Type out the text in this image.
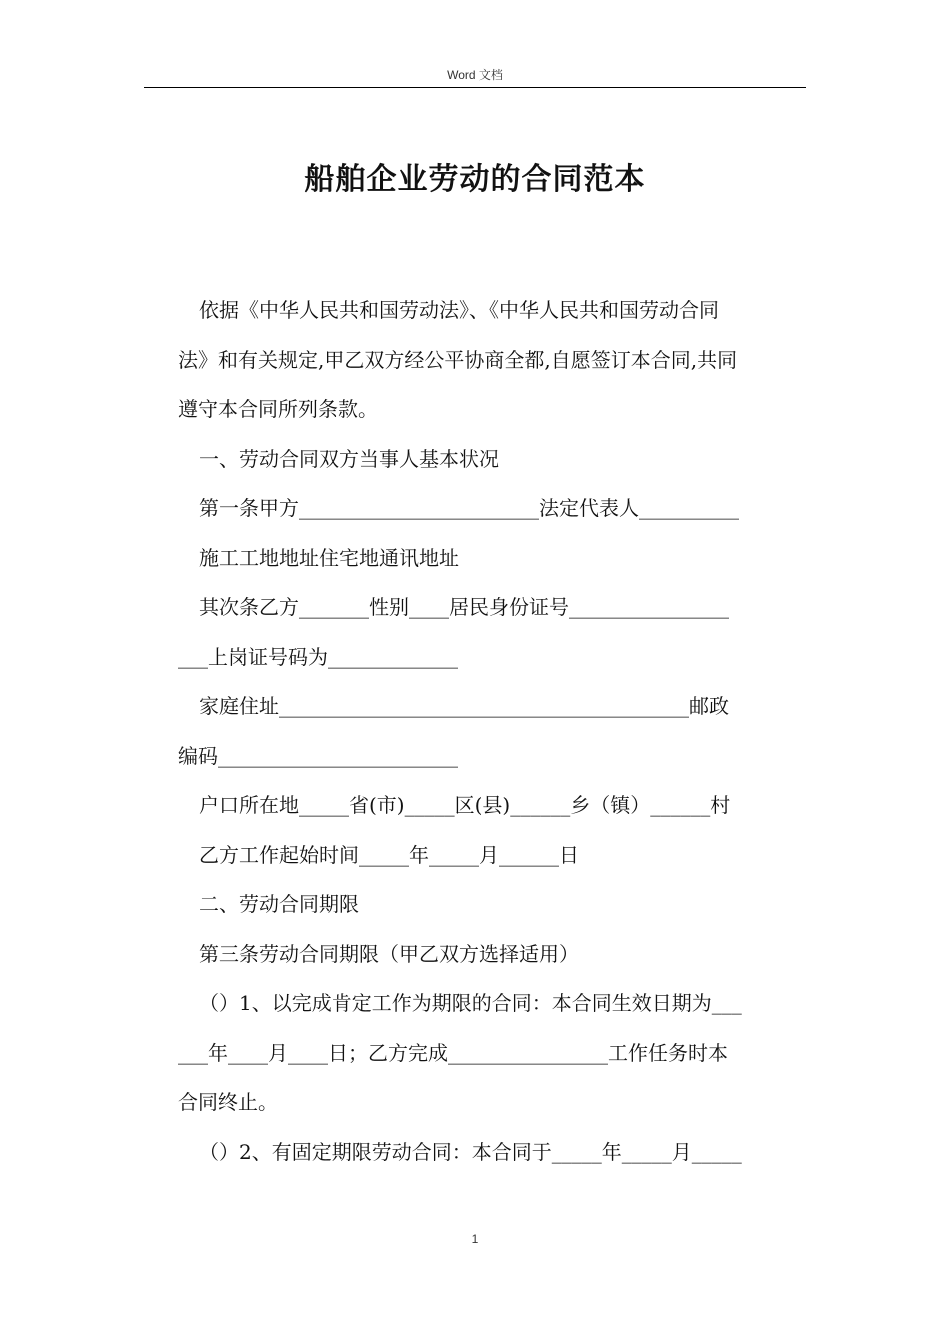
Word 文档
船舶企业劳动的合同范本

依据《中华人民共和国劳动法》、《中华人民共和国劳动合同

法》和有关规定,甲乙双方经公平协商全都,自愿签订本合同,共同

遵守本合同所列条款。

一、劳动合同双方当事人基本状况

第一条甲方________________________法定代表人__________

施工工地地址住宅地通讯地址

其次条乙方_______性别____居民身份证号________________

___上岗证号码为_____________

家庭住址_________________________________________邮政

编码________________________

户口所在地_____省(市)_____区(县)______乡（镇）______村

乙方工作起始时间_____年_____月______日

二、劳动合同期限

第三条劳动合同期限（甲乙双方选择适用）

（）1、以完成肯定工作为期限的合同：本合同生效日期为___

___年____月____日；乙方完成________________工作任务时本

合同终止。

（）2、有固定期限劳动合同：本合同于_____年_____月_____

1
